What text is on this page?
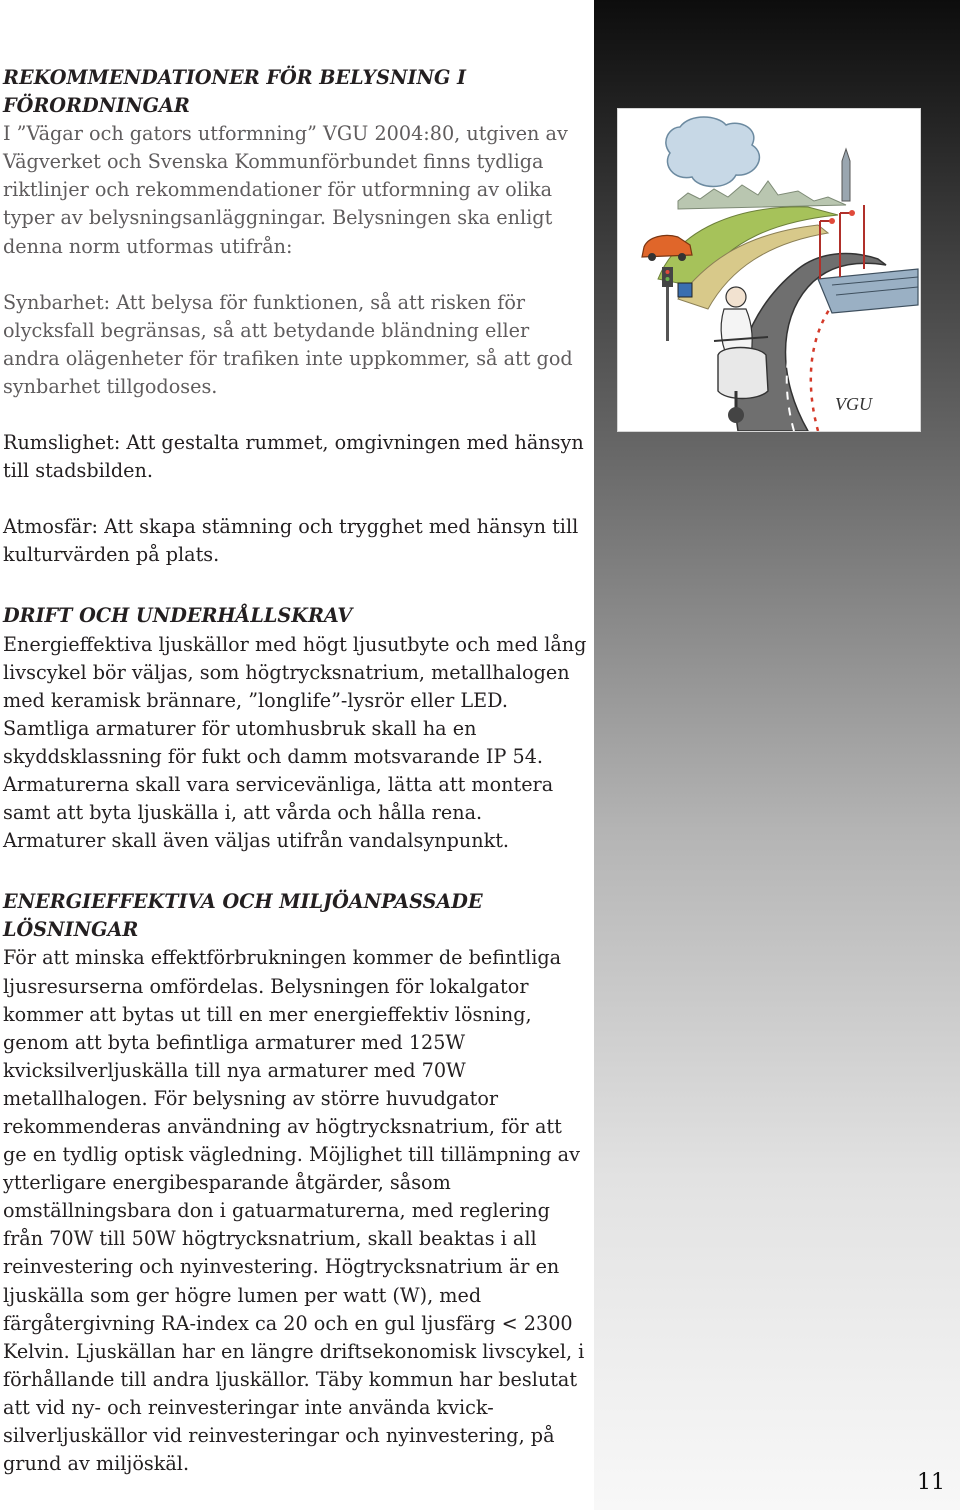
VGU

REKOMMENDATIONER FÖR BELYSNING I
FÖRORDNINGAR

I ”Vägar och gators utformning” VGU 2004:80, utgiven av Vägverket och Svenska Kommunförbundet finns tydliga riktlinjer och rekommendationer för utformning av olika typer av belysningsanläggningar. Belysningen ska enligt denna norm utformas utifrån:

Synbarhet: Att belysa för funktionen, så att risken för olycksfall begränsas, så att betydande bländning eller andra olägenheter för trafiken inte uppkommer, så att god synbarhet tillgodoses.

Rumslighet: Att gestalta rummet, omgivningen med hänsyn till stadsbilden.

Atmosfär: Att skapa stämning och trygghet med hänsyn till kulturvärden på plats.

DRIFT OCH UNDERHÅLLSKRAV

Energieffektiva ljuskällor med högt ljusutbyte och med lång livscykel bör väljas, som högtrycksnatrium, metallhalogen med keramisk brännare, ”longlife”-lysrör eller LED. Samtliga armaturer för utomhusbruk skall ha en skyddsklassning för fukt och damm motsvarande IP 54. Armaturerna skall vara servicevänliga, lätta att montera samt att byta ljuskälla i, att vårda och hålla rena. Armaturer skall även väljas utifrån vandalsynpunkt.

ENERGIEFFEKTIVA OCH MILJÖANPASSADE
LÖSNINGAR

För att minska effektförbrukningen kommer de befintliga ljusresurserna omfördelas. Belysningen för lokalgator kommer att bytas ut till en mer energieffektiv lösning, genom att byta befintliga armaturer med 125W kvicksilverljuskälla till nya armaturer med 70W metallhalogen. För belysning av större huvudgator rekommenderas användning av högtrycksnatrium, för att ge en tydlig optisk vägledning. Möjlighet till tillämpning av ytterligare energibesparande åtgärder, såsom omställningsbara don i gatuarmaturerna, med reglering från 70W till 50W högtrycksnatrium, skall beaktas i all reinvestering och nyinvestering. Högtrycksnatrium är en ljuskälla som ger högre lumen per watt (W), med färgåtergivning RA-index ca 20 och en gul ljusfärg < 2300 Kelvin. Ljuskällan har en längre driftsekonomisk livscykel, i förhållande till andra ljuskällor. Täby kommun har beslutat att vid ny- och reinvesteringar inte använda kvick-
silverljuskällor vid reinvesteringar och nyinvestering, på grund av miljöskäl.

11
